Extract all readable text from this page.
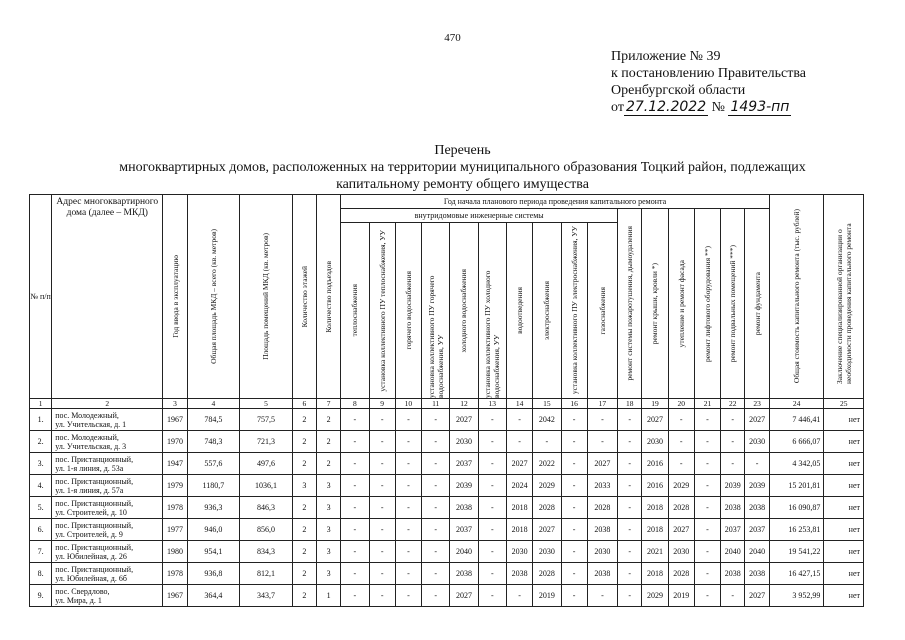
470
Приложение № 39
к постановлению Правительства
Оренбургской области
от 27.12.2022 № 1493-пп
Перечень
многоквартирных домов, расположенных на территории муниципального образования Тоцкий район, подлежащих
капитальному ремонту общего имущества
№ п/п	Адрес многоквартирного дома (далее – МКД)	Год ввода в эксплуатацию	Общая площадь МКД – всего (кв. метров)	Площадь помещений МКД (кв. метров)	Количество этажей	Количество подъездов	Год начала планового периода проведения капитального ремонта																Общая стоимость капитального ремонта (тыс. рублей)	Заключение специализированной организации о необходимости проведения капитального ремонта

							внутридомовые инженерные системы										ремонт системы пожаротушения, дымоудаления	ремонт крыши, кровли *)	утепление и ремонт фасада	ремонт лифтового оборудования **)	ремонт подвальных помещений ***)	ремонт фундамента		

							теплоснабжения	установка коллективного ПУ теплоснабжения, УУ	горячего водоснабжения	установка коллективного ПУ горячего водоснабжения, УУ	холодного водоснабжения	установка коллективного ПУ холодного водоснабжения, УУ	водоотведения	электроснабжения	установка коллективного ПУ электроснабжения, УУ	газоснабжения								

1	2	3	4	5	6	7	8	9	10	11	12	13	14	15	16	17	18	19	20	21	22	23	24	25
1.	пос. Молодежный,
ул. Учительская, д. 1	1967	784,5	757,5	2	2	-	-	-	-	2027	-	-	2042	-	-	-	2027	-	-	-	2027	7 446,41	нет
2.	пос. Молодежный,
ул. Учительская, д. 3	1970	748,3	721,3	2	2	-	-	-	-	2030	-	-	-	-	-	-	2030	-	-	-	2030	6 666,07	нет
3.	пос. Пристанционный,
ул. 1-я линия, д. 53а	1947	557,6	497,6	2	2	-	-	-	-	2037	-	2027	2022	-	2027	-	2016	-	-	-	-	4 342,05	нет
4.	пос. Пристанционный,
ул. 1-я линия, д. 57а	1979	1180,7	1036,1	3	3	-	-	-	-	2039	-	2024	2029	-	2033	-	2016	2029	-	2039	2039	15 201,81	нет
5.	пос. Пристанционный,
ул. Строителей, д. 10	1978	936,3	846,3	2	3	-	-	-	-	2038	-	2018	2028	-	2028	-	2018	2028	-	2038	2038	16 090,87	нет
6.	пос. Пристанционный,
ул. Строителей, д. 9	1977	946,0	856,0	2	3	-	-	-	-	2037	-	2018	2027	-	2038	-	2018	2027	-	2037	2037	16 253,81	нет
7.	пос. Пристанционный,
ул. Юбилейная, д. 26	1980	954,1	834,3	2	3	-	-	-	-	2040	-	2030	2030	-	2030	-	2021	2030	-	2040	2040	19 541,22	нет
8.	пос. Пристанционный,
ул. Юбилейная, д. 6б	1978	936,8	812,1	2	3	-	-	-	-	2038	-	2038	2028	-	2038	-	2018	2028	-	2038	2038	16 427,15	нет
9.	пос. Свердлово,
ул. Мира, д. 1	1967	364,4	343,7	2	1	-	-	-	-	2027	-	-	2019	-	-	-	2029	2019	-	-	2027	3 952,99	нет
